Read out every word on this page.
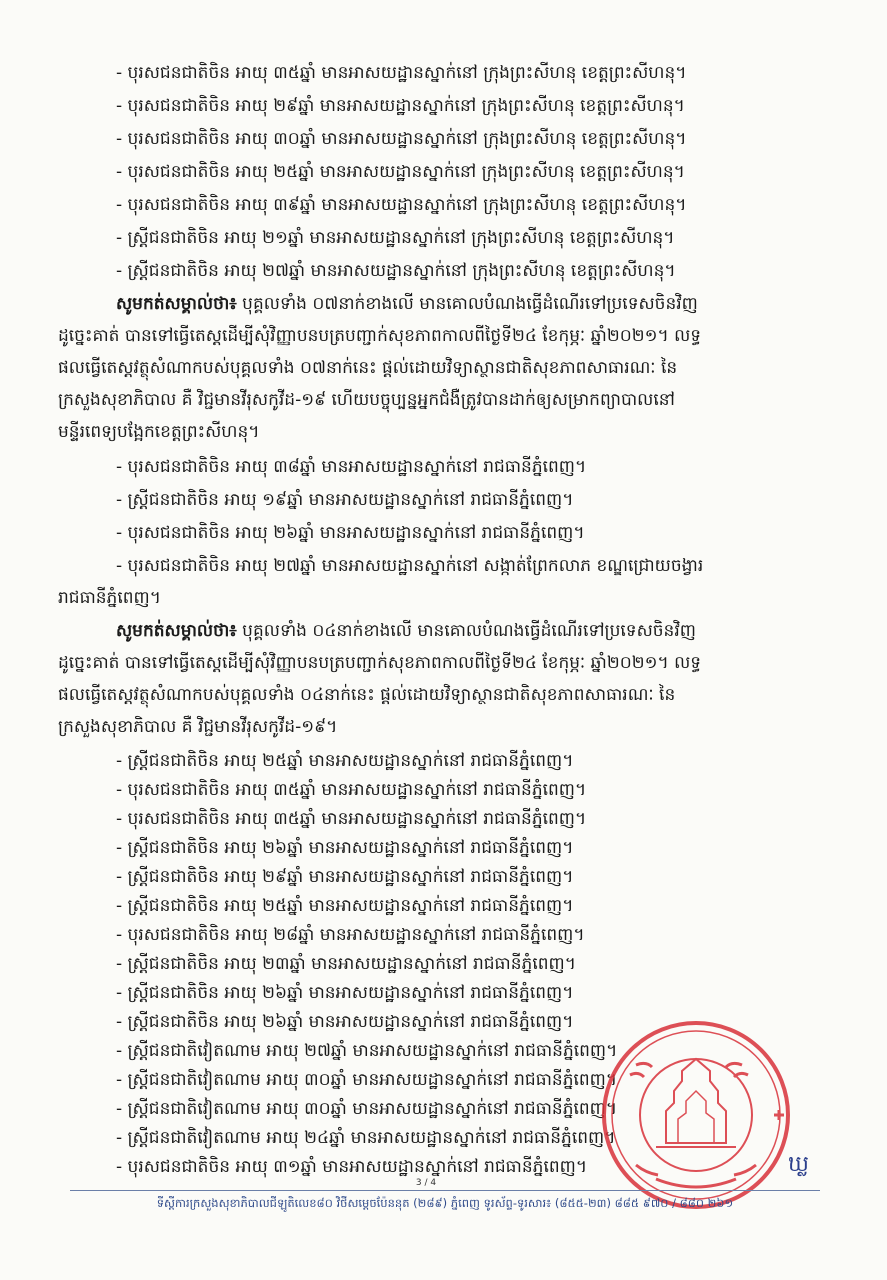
- បុរសជនជាតិចិន អាយុ ៣៥ឆ្នាំ មានអាសយដ្ឋានស្នាក់នៅ ក្រុងព្រះសីហនុ ខេត្តព្រះសីហនុ។
- បុរសជនជាតិចិន អាយុ ២៩ឆ្នាំ មានអាសយដ្ឋានស្នាក់នៅ ក្រុងព្រះសីហនុ ខេត្តព្រះសីហនុ។
- បុរសជនជាតិចិន អាយុ ៣០ឆ្នាំ មានអាសយដ្ឋានស្នាក់នៅ ក្រុងព្រះសីហនុ ខេត្តព្រះសីហនុ។
- បុរសជនជាតិចិន អាយុ ២៥ឆ្នាំ មានអាសយដ្ឋានស្នាក់នៅ ក្រុងព្រះសីហនុ ខេត្តព្រះសីហនុ។
- បុរសជនជាតិចិន អាយុ ៣៩ឆ្នាំ មានអាសយដ្ឋានស្នាក់នៅ ក្រុងព្រះសីហនុ ខេត្តព្រះសីហនុ។
- ស្ត្រីជនជាតិចិន អាយុ ២១ឆ្នាំ មានអាសយដ្ឋានស្នាក់នៅ ក្រុងព្រះសីហនុ ខេត្តព្រះសីហនុ។
- ស្ត្រីជនជាតិចិន អាយុ ២៧ឆ្នាំ មានអាសយដ្ឋានស្នាក់នៅ ក្រុងព្រះសីហនុ ខេត្តព្រះសីហនុ។
សូមកត់សម្គាល់ថា៖ បុគ្គលទាំង ០៧នាក់ខាងលើ មានគោលបំណងធ្វើដំណើរទៅប្រទេសចិនវិញ
ដូច្នេះគាត់ បានទៅធ្វើតេស្តដើម្បីសុំវិញ្ញាបនបត្របញ្ជាក់សុខភាពកាលពីថ្ងៃទី២៤ ខែកុម្ភៈ ឆ្នាំ២០២១។ លទ្ធ
ផលធ្វើតេស្តវត្ថុសំណាកបស់បុគ្គលទាំង ០៧នាក់នេះ ផ្តល់ដោយវិទ្យាស្ថានជាតិសុខភាពសាធារណៈ នៃ
ក្រសួងសុខាភិបាល គឺ វិជ្ជមានវីរុសកូវីដ-១៩ ហើយបច្ចុប្បន្នអ្នកជំងឺត្រូវបានដាក់ឲ្យសម្រាកព្យាបាលនៅ
មន្ទីរពេទ្យបង្អែកខេត្តព្រះសីហនុ។
- បុរសជនជាតិចិន អាយុ ៣៨ឆ្នាំ មានអាសយដ្ឋានស្នាក់នៅ រាជធានីភ្នំពេញ។
- ស្ត្រីជនជាតិចិន អាយុ ១៩ឆ្នាំ មានអាសយដ្ឋានស្នាក់នៅ រាជធានីភ្នំពេញ។
- បុរសជនជាតិចិន អាយុ ២៦ឆ្នាំ មានអាសយដ្ឋានស្នាក់នៅ រាជធានីភ្នំពេញ។
- បុរសជនជាតិចិន អាយុ ២៧ឆ្នាំ មានអាសយដ្ឋានស្នាក់នៅ សង្កាត់ព្រែកលាភ ខណ្ឌជ្រោយចង្វារ
រាជធានីភ្នំពេញ។
សូមកត់សម្គាល់ថា៖ បុគ្គលទាំង ០៤នាក់ខាងលើ មានគោលបំណងធ្វើដំណើរទៅប្រទេសចិនវិញ
ដូច្នេះគាត់ បានទៅធ្វើតេស្តដើម្បីសុំវិញ្ញាបនបត្របញ្ជាក់សុខភាពកាលពីថ្ងៃទី២៤ ខែកុម្ភៈ ឆ្នាំ២០២១។ លទ្ធ
ផលធ្វើតេស្តវត្ថុសំណាកបស់បុគ្គលទាំង ០៤នាក់នេះ ផ្តល់ដោយវិទ្យាស្ថានជាតិសុខភាពសាធារណៈ នៃ
ក្រសួងសុខាភិបាល គឺ វិជ្ជមានវីរុសកូវីដ-១៩។
- ស្ត្រីជនជាតិចិន អាយុ ២៥ឆ្នាំ មានអាសយដ្ឋានស្នាក់នៅ រាជធានីភ្នំពេញ។
- បុរសជនជាតិចិន អាយុ ៣៥ឆ្នាំ មានអាសយដ្ឋានស្នាក់នៅ រាជធានីភ្នំពេញ។
- បុរសជនជាតិចិន អាយុ ៣៥ឆ្នាំ មានអាសយដ្ឋានស្នាក់នៅ រាជធានីភ្នំពេញ។
- ស្ត្រីជនជាតិចិន អាយុ ២៦ឆ្នាំ មានអាសយដ្ឋានស្នាក់នៅ រាជធានីភ្នំពេញ។
- ស្ត្រីជនជាតិចិន អាយុ ២៩ឆ្នាំ មានអាសយដ្ឋានស្នាក់នៅ រាជធានីភ្នំពេញ។
- ស្ត្រីជនជាតិចិន អាយុ ២៥ឆ្នាំ មានអាសយដ្ឋានស្នាក់នៅ រាជធានីភ្នំពេញ។
- បុរសជនជាតិចិន អាយុ ២៨ឆ្នាំ មានអាសយដ្ឋានស្នាក់នៅ រាជធានីភ្នំពេញ។
- ស្ត្រីជនជាតិចិន អាយុ ២៣ឆ្នាំ មានអាសយដ្ឋានស្នាក់នៅ រាជធានីភ្នំពេញ។
- ស្ត្រីជនជាតិចិន អាយុ ២៦ឆ្នាំ មានអាសយដ្ឋានស្នាក់នៅ រាជធានីភ្នំពេញ។
- ស្ត្រីជនជាតិចិន អាយុ ២៦ឆ្នាំ មានអាសយដ្ឋានស្នាក់នៅ រាជធានីភ្នំពេញ។
- ស្ត្រីជនជាតិវៀតណាម អាយុ ២៧ឆ្នាំ មានអាសយដ្ឋានស្នាក់នៅ រាជធានីភ្នំពេញ។
- ស្ត្រីជនជាតិវៀតណាម អាយុ ៣០ឆ្នាំ មានអាសយដ្ឋានស្នាក់នៅ រាជធានីភ្នំពេញ។
- ស្ត្រីជនជាតិវៀតណាម អាយុ ៣០ឆ្នាំ មានអាសយដ្ឋានស្នាក់នៅ រាជធានីភ្នំពេញ។
- ស្ត្រីជនជាតិវៀតណាម អាយុ ២៤ឆ្នាំ មានអាសយដ្ឋានស្នាក់នៅ រាជធានីភ្នំពេញ។
- បុរសជនជាតិចិន អាយុ ៣១ឆ្នាំ មានអាសយដ្ឋានស្នាក់នៅ រាជធានីភ្នំពេញ។	ឃ្ល
3 / 4
ទីស្តីការក្រសួងសុខាភិបាលជីឡូតិលេខ៨០ វិថីសម្តេចប៉ែននុត (២៨៩) ភ្នំពេញ ទូរស័ព្ទ-ទូរសារ៖ (៨៥៥-២៣) ៨៨៥ ៩៧០ / ៨៨០ ២៦១
